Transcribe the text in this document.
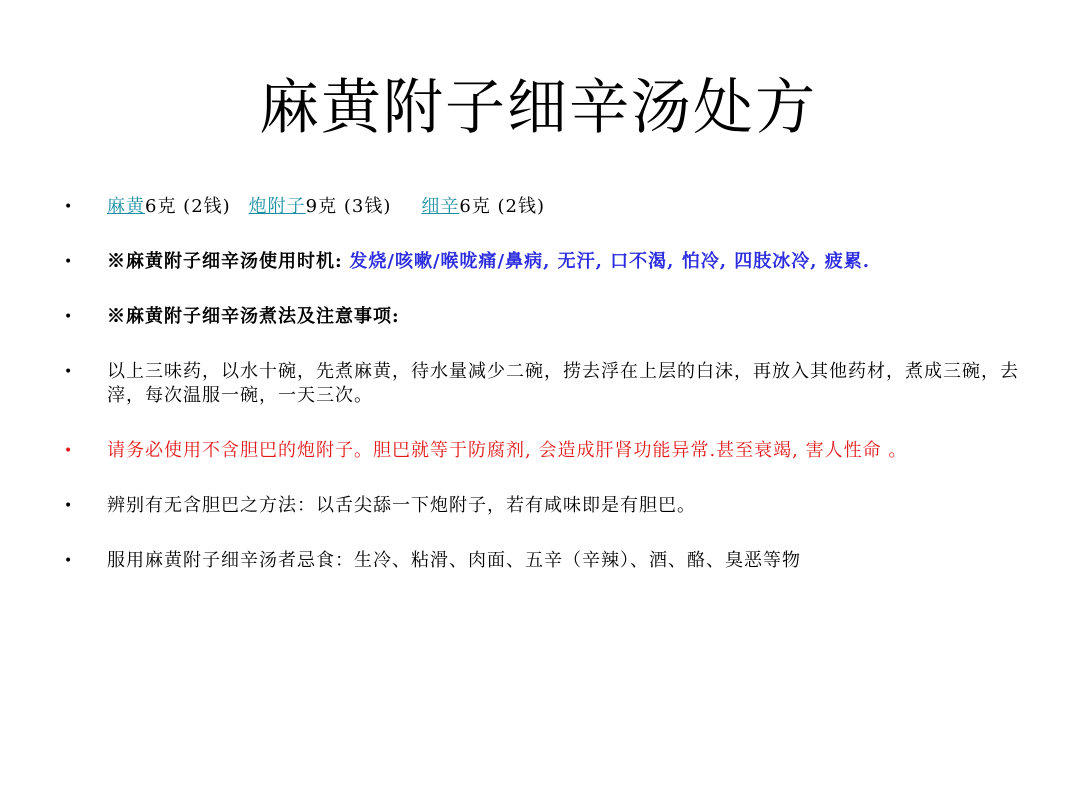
麻黄附子细辛汤处方
• 麻黄6克 (2钱) 炮附子9克 (3钱) 细辛6克 (2钱)
• ※麻黄附子细辛汤使用时机: 发烧/咳嗽/喉咙痛/鼻病, 无汗, 口不渴, 怕冷, 四肢冰冷, 疲累.
• ※麻黄附子细辛汤煮法及注意事项:
• 以上三味药，以水十碗，先煮麻黄，待水量减少二碗，捞去浮在上层的白沫，再放入其他药材，煮成三碗，去滓，每次温服一碗，一天三次。
• 请务必使用不含胆巴的炮附子。胆巴就等于防腐剂, 会造成肝肾功能异常.甚至衰竭, 害人性命 。
• 辨别有无含胆巴之方法：以舌尖舔一下炮附子，若有咸味即是有胆巴。
• 服用麻黄附子细辛汤者忌食：生冷、粘滑、肉面、五辛（辛辣）、酒、酪、臭恶等物
